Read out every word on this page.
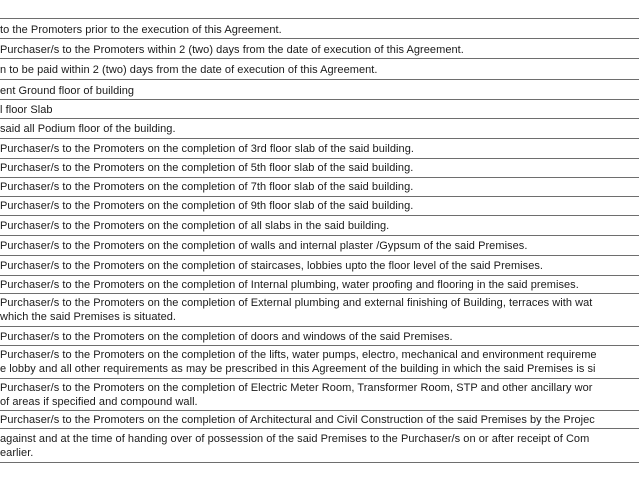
to the Promoters prior to the execution of this Agreement.
Purchaser/s to the Promoters within 2 (two) days from the date of execution of this Agreement.
n to be paid within 2 (two) days from the date of execution of this Agreement.
ent Ground floor of building
l floor Slab
said all Podium floor of the building.
Purchaser/s to the Promoters on the completion of 3rd floor slab of the said building.
Purchaser/s to the Promoters on the completion of 5th floor slab of the said building.
Purchaser/s to the Promoters on the completion of 7th floor slab of the said building.
Purchaser/s to the Promoters on the completion of 9th floor slab of the said building.
Purchaser/s to the Promoters on the completion of all slabs in the said building.
Purchaser/s to the Promoters on the completion of walls and internal plaster /Gypsum of the said Premises.
Purchaser/s to the Promoters on the completion of staircases, lobbies upto the floor level of the said Premises.
Purchaser/s to the Promoters on the completion of Internal plumbing, water proofing and flooring in the said premises.
Purchaser/s to the Promoters on the completion of External plumbing and external finishing of Building, terraces with wat
which the said Premises is situated.
Purchaser/s to the Promoters on the completion of doors and windows of the said Premises.
Purchaser/s to the Promoters on the completion of the lifts, water pumps, electro, mechanical and environment requireme
e lobby and all other requirements as may be prescribed in this Agreement of the building in which the said Premises is si
Purchaser/s to the Promoters on the completion of Electric Meter Room, Transformer Room, STP and other ancillary wor
of areas if specified and compound wall.
Purchaser/s to the Promoters on the completion of Architectural and Civil Construction of the said Premises by the Projec
against and at the time of handing over of possession of the said Premises to the Purchaser/s on or after receipt of Com
earlier.
